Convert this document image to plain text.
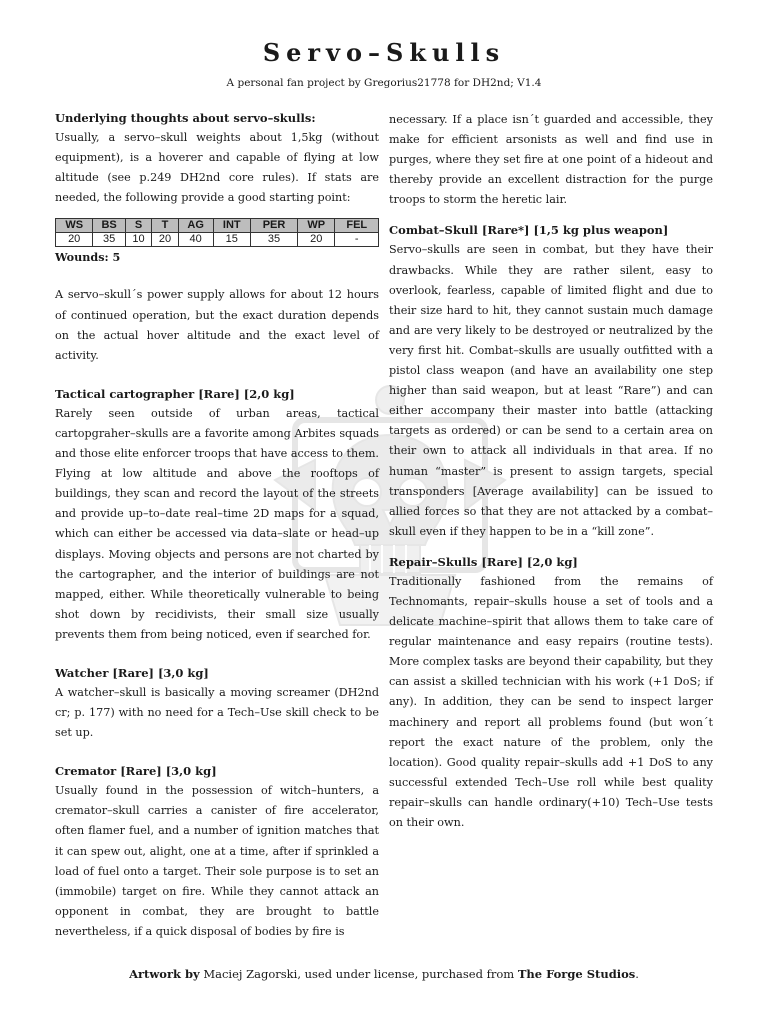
Servo–Skulls

A personal fan project by Gregorius21778 for DH2nd; V1.4

Underlying thoughts about servo–skulls:

Usually, a servo–skull weights about 1,5kg (without equipment), is a hoverer and capable of flying at low altitude (see p.249 DH2nd core rules). If stats are needed, the following provide a good starting point:

WS	BS	S	T	AG	INT	PER	WP	FEL
20	35	10	20	40	15	35	20	-

Wounds: 5

A servo–skull´s power supply allows for about 12 hours of continued operation, but the exact duration depends on the actual hover altitude and the exact level of activity.

Tactical cartographer [Rare] [2,0 kg]

Rarely seen outside of urban areas, tactical cartopgraher–skulls are a favorite among Arbites squads and those elite enforcer troops that have access to them. Flying at low altitude and above the rooftops of buildings, they scan and record the layout of the streets and provide up–to–date real–time 2D maps for a squad, which can either be accessed via data–slate or head–up displays. Moving objects and persons are not charted by the cartographer, and the interior of buildings are not mapped, either. While theoretically vulnerable to being shot down by recidivists, their small size usually prevents them from being noticed, even if searched for.

Watcher [Rare] [3,0 kg]

A watcher–skull is basically a moving screamer (DH2nd cr; p. 177) with no need for a Tech–Use skill check to be set up.

Cremator [Rare] [3,0 kg]

Usually found in the possession of witch–hunters, a cremator–skull carries a canister of fire accelerator, often flamer fuel, and a number of ignition matches that it can spew out, alight, one at a time, after if sprinkled a load of fuel onto a target. Their sole purpose is to set an (immobile) target on fire. While they cannot attack an opponent in combat, they are brought to battle nevertheless, if a quick disposal of bodies by fire is

necessary. If a place isn´t guarded and accessible, they make for efficient arsonists as well and find use in purges, where they set fire at one point of a hideout and thereby provide an excellent distraction for the purge troops to storm the heretic lair.

Combat–Skull [Rare*] [1,5 kg plus weapon]

Servo–skulls are seen in combat, but they have their drawbacks. While they are rather silent, easy to overlook, fearless, capable of limited flight and due to their size hard to hit, they cannot sustain much damage and are very likely to be destroyed or neutralized by the very first hit. Combat–skulls are usually outfitted with a pistol class weapon (and have an availability one step higher than said weapon, but at least “Rare”) and can either accompany their master into battle (attacking targets as ordered) or can be send to a certain area on their own to attack all individuals in that area. If no human “master” is present to assign targets, special transponders [Average availability] can be issued to allied forces so that they are not attacked by a combat–skull even if they happen to be in a “kill zone”.

Repair–Skulls [Rare] [2,0 kg]

Traditionally fashioned from the remains of Technomants, repair–skulls house a set of tools and a delicate machine–spirit that allows them to take care of regular maintenance and easy repairs (routine tests). More complex tasks are beyond their capability, but they can assist a skilled technician with his work (+1 DoS; if any). In addition, they can be send to inspect larger machinery and report all problems found (but won´t report the exact nature of the problem, only the location). Good quality repair–skulls add +1 DoS to any successful extended Tech–Use roll while best quality repair–skulls can handle ordinary(+10) Tech–Use tests on their own.

Artwork by Maciej Zagorski, used under license, purchased from The Forge Studios.
